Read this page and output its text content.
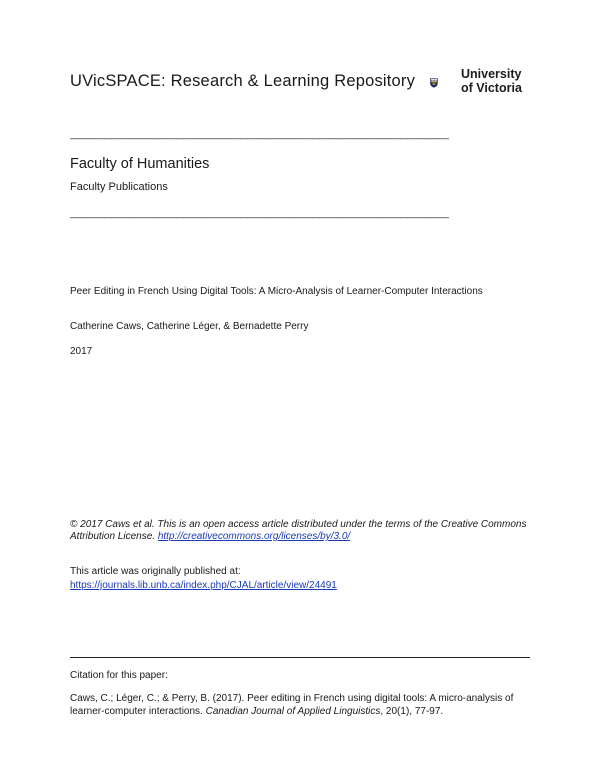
UVicSPACE: Research & Learning Repository	University
of Victoria
________________________________________________________________
Faculty of Humanities
Faculty Publications
________________________________________________________________
Peer Editing in French Using Digital Tools: A Micro-Analysis of Learner-Computer Interactions
Catherine Caws, Catherine Léger, & Bernadette Perry
2017
© 2017 Caws et al. This is an open access article distributed under the terms of the Creative Commons Attribution License. http://creativecommons.org/licenses/by/3.0/
This article was originally published at:
https://journals.lib.unb.ca/index.php/CJAL/article/view/24491
Citation for this paper:
Caws, C.; Léger, C.; & Perry, B. (2017). Peer editing in French using digital tools: A micro-analysis of learner-computer interactions. Canadian Journal of Applied Linguistics, 20(1), 77-97.
